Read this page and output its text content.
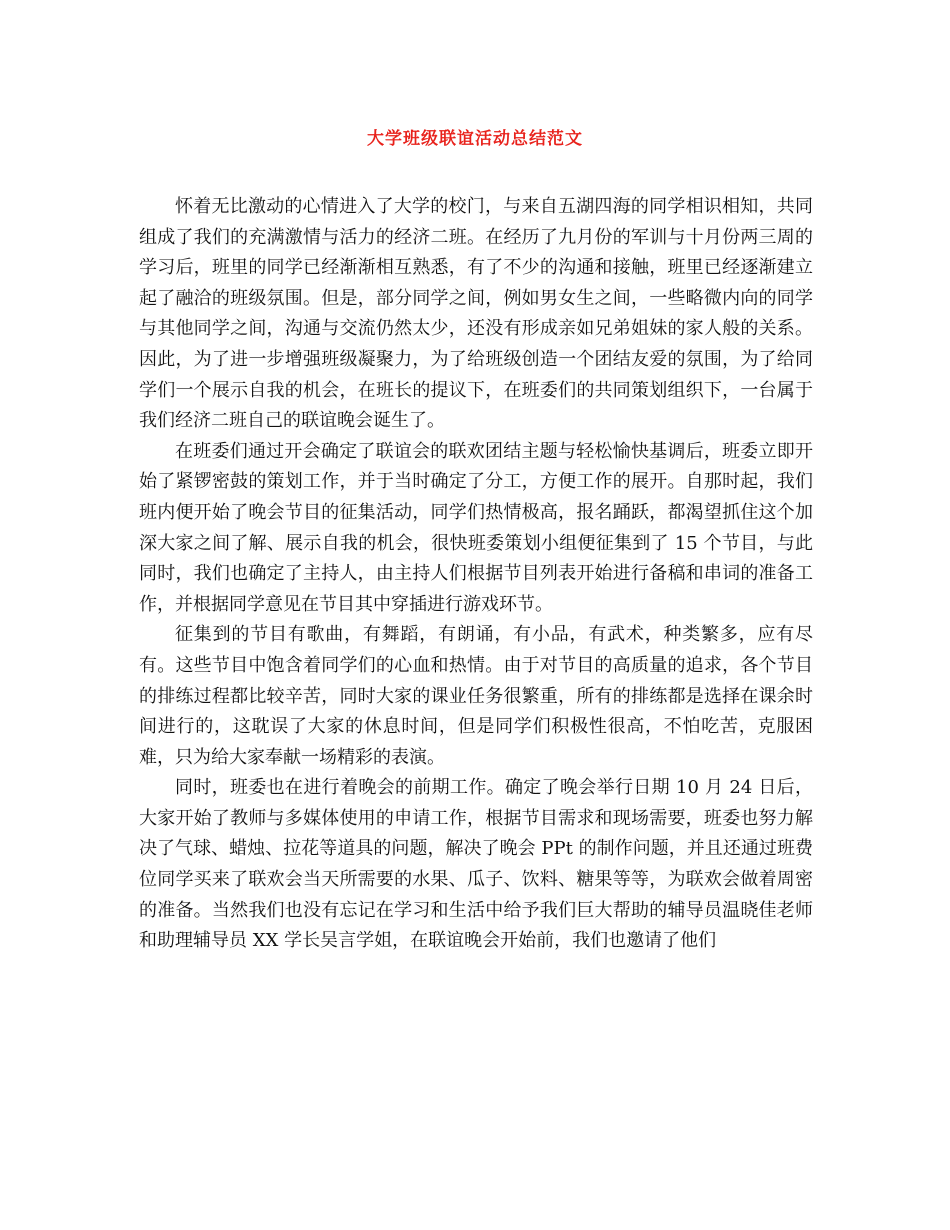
大学班级联谊活动总结范文

怀着无比激动的心情进入了大学的校门，与来自五湖四海的同学相识相知，共同组成了我们的充满激情与活力的经济二班。在经历了九月份的军训与十月份两三周的学习后，班里的同学已经渐渐相互熟悉，有了不少的沟通和接触，班里已经逐渐建立起了融洽的班级氛围。但是，部分同学之间，例如男女生之间，一些略微内向的同学与其他同学之间，沟通与交流仍然太少，还没有形成亲如兄弟姐妹的家人般的关系。因此，为了进一步增强班级凝聚力，为了给班级创造一个团结友爱的氛围，为了给同学们一个展示自我的机会，在班长的提议下，在班委们的共同策划组织下，一台属于我们经济二班自己的联谊晚会诞生了。

在班委们通过开会确定了联谊会的联欢团结主题与轻松愉快基调后，班委立即开始了紧锣密鼓的策划工作，并于当时确定了分工，方便工作的展开。自那时起，我们班内便开始了晚会节目的征集活动，同学们热情极高，报名踊跃，都渴望抓住这个加深大家之间了解、展示自我的机会，很快班委策划小组便征集到了 15 个节目，与此同时，我们也确定了主持人，由主持人们根据节目列表开始进行备稿和串词的准备工作，并根据同学意见在节目其中穿插进行游戏环节。

征集到的节目有歌曲，有舞蹈，有朗诵，有小品，有武术，种类繁多，应有尽有。这些节目中饱含着同学们的心血和热情。由于对节目的高质量的追求，各个节目的排练过程都比较辛苦，同时大家的课业任务很繁重，所有的排练都是选择在课余时间进行的，这耽误了大家的休息时间，但是同学们积极性很高，不怕吃苦，克服困难，只为给大家奉献一场精彩的表演。

同时，班委也在进行着晚会的前期工作。确定了晚会举行日期 10 月 24 日后，大家开始了教师与多媒体使用的申请工作，根据节目需求和现场需要，班委也努力解决了气球、蜡烛、拉花等道具的问题，解决了晚会 PPt 的制作问题，并且还通过班费位同学买来了联欢会当天所需要的水果、瓜子、饮料、糖果等等，为联欢会做着周密的准备。当然我们也没有忘记在学习和生活中给予我们巨大帮助的辅导员温晓佳老师和助理辅导员 XX 学长吴言学姐，在联谊晚会开始前，我们也邀请了他们
